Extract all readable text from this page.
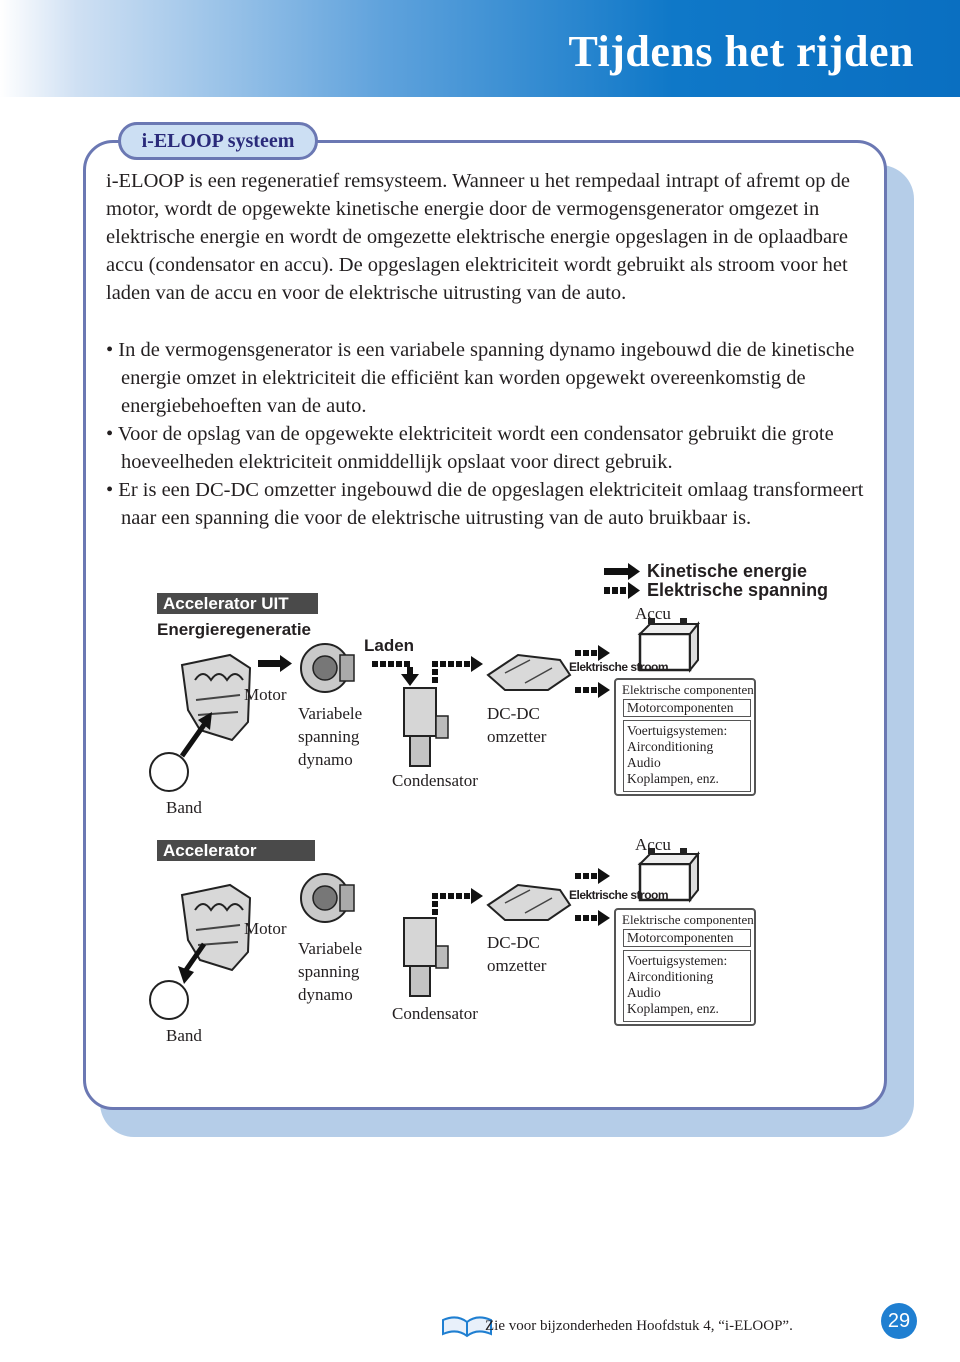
Tijdens het rijden
i-ELOOP systeem
i-ELOOP is een regeneratief remsysteem. Wanneer u het rempedaal intrapt of afremt op de motor, wordt de opgewekte kinetische energie door de vermogensgenerator omgezet in elektrische energie en wordt de omgezette elektrische energie opgeslagen in de oplaadbare accu (condensator en accu). De opgeslagen elektriciteit wordt gebruikt als stroom voor het laden van de accu en voor de elektrische uitrusting van de auto.
• In de vermogensgenerator is een variabele spanning dynamo ingebouwd die de kinetische energie omzet in elektriciteit die efficiënt kan worden opgewekt overeenkomstig de energiebehoeften van de auto.
• Voor de opslag van de opgewekte elektriciteit wordt een condensator gebruikt die grote hoeveelheden elektriciteit onmiddellijk opslaat voor direct gebruik.
• Er is een DC-DC omzetter ingebouwd die de opgeslagen elektriciteit omlaag transformeert naar een spanning die voor de elektrische uitrusting van de auto bruikbaar is.
Kinetische energie
Elektrische spanning
Accelerator UIT
Energieregeneratie
Laden
Motor
Variabele
spanning
dynamo
Band
Condensator
DC-DC
omzetter
Accu
Elektrische stroom
Elektrische componenten
Motorcomponenten
Voertuigsystemen:
Airconditioning
Audio
Koplampen, enz.
Accelerator
Motor
Variabele
spanning
dynamo
Band
Condensator
DC-DC
omzetter
Accu
Elektrische stroom
Elektrische componenten
Motorcomponenten
Voertuigsystemen:
Airconditioning
Audio
Koplampen, enz.
Zie voor bijzonderheden Hoofdstuk 4, “i-ELOOP”.	29
